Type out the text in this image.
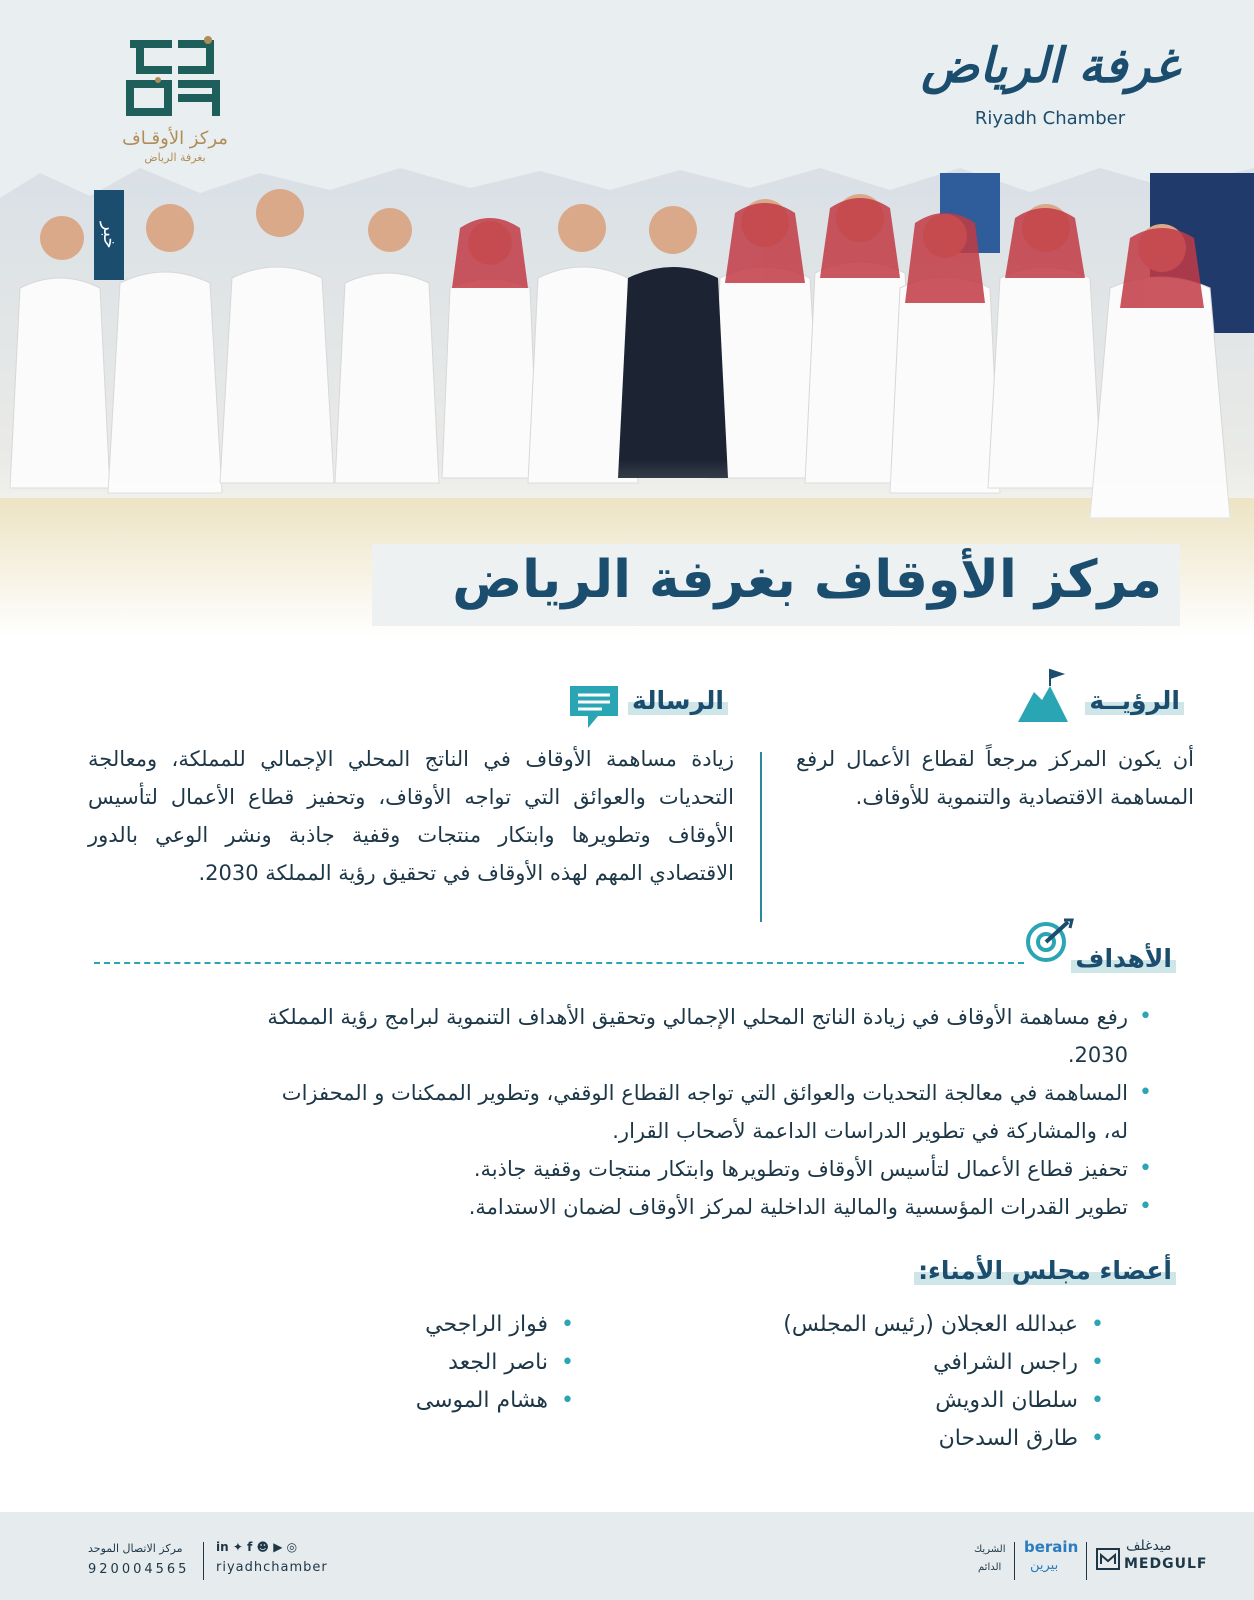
مركز الأوقـاف
بغرفة الرياض
غرفة الرياض
Riyadh Chamber
خبر
مركز الأوقاف بغرفة الرياض
الرؤيــة
أن يكون المركز مرجعاً لقطاع الأعمال لرفع المساهمة الاقتصادية والتنموية للأوقاف.
الرسالة
زيادة مساهمة الأوقاف في الناتج المحلي الإجمالي للمملكة، ومعالجة التحديات والعوائق التي تواجه الأوقاف، وتحفيز قطاع الأعمال لتأسيس الأوقاف وتطويرها وابتكار منتجات وقفية جاذبة ونشر الوعي بالدور الاقتصادي المهم لهذه الأوقاف في تحقيق رؤية المملكة 2030.
الأهداف
• رفع مساهمة الأوقاف في زيادة الناتج المحلي الإجمالي وتحقيق الأهداف التنموية لبرامج رؤية المملكة 2030.
• المساهمة في معالجة التحديات والعوائق التي تواجه القطاع الوقفي، وتطوير الممكنات و المحفزات له، والمشاركة في تطوير الدراسات الداعمة لأصحاب القرار.
• تحفيز قطاع الأعمال لتأسيس الأوقاف وتطويرها وابتكار منتجات وقفية جاذبة.
• تطوير القدرات المؤسسية والمالية الداخلية لمركز الأوقاف لضمان الاستدامة.
أعضاء مجلس الأمناء:
• عبدالله العجلان (رئيس المجلس)
• راجس الشرافي
• سلطان الدويش
• طارق السدحان
• فواز الراجحي
• ناصر الجعد
• هشام الموسى
مركز الاتصال الموحد
920004565
in ✦ f ☻ ▶ ◎
riyadhchamber
الشريك
الدائم
berain
بيرين
ميدغلف
MEDGULF
